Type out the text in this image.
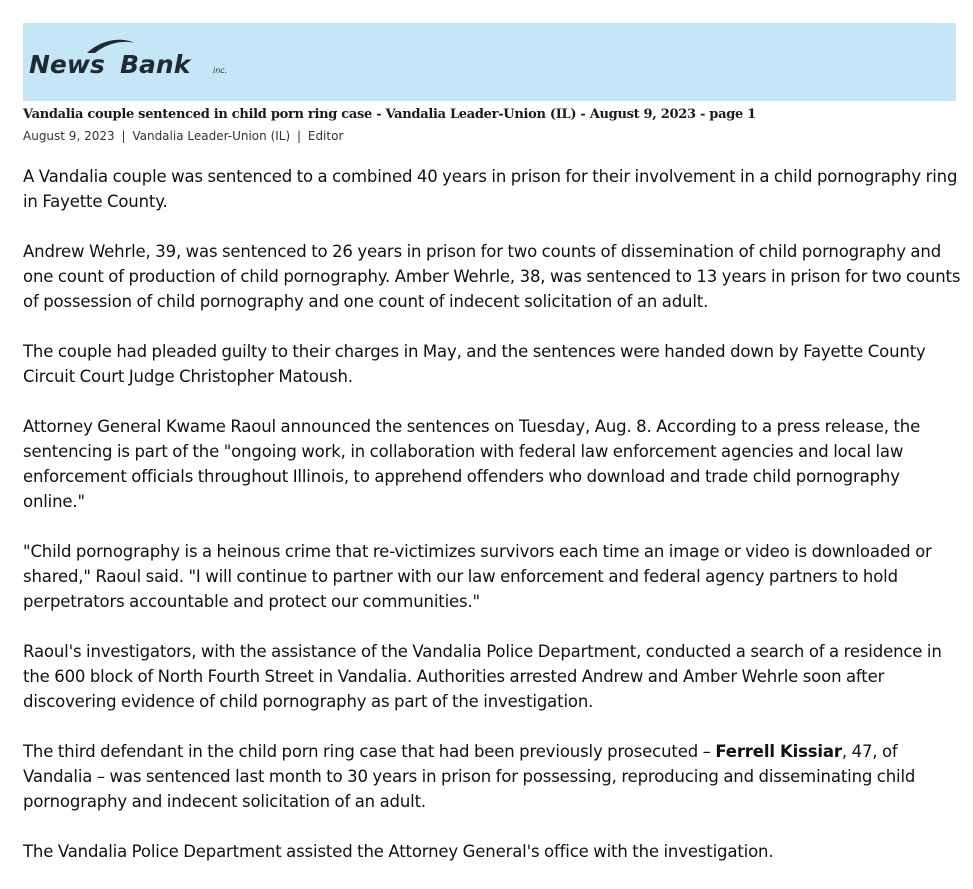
News Bank	inc.
Vandalia couple sentenced in child porn ring case - Vandalia Leader-Union (IL) - August 9, 2023 - page 1
August 9, 2023 | Vandalia Leader-Union (IL) | Editor

A Vandalia couple was sentenced to a combined 40 years in prison for their involvement in a child pornography ring in Fayette County.

Andrew Wehrle, 39, was sentenced to 26 years in prison for two counts of dissemination of child pornography and one count of production of child pornography. Amber Wehrle, 38, was sentenced to 13 years in prison for two counts of possession of child pornography and one count of indecent solicitation of an adult.

The couple had pleaded guilty to their charges in May, and the sentences were handed down by Fayette County Circuit Court Judge Christopher Matoush.

Attorney General Kwame Raoul announced the sentences on Tuesday, Aug. 8. According to a press release, the sentencing is part of the "ongoing work, in collaboration with federal law enforcement agencies and local law enforcement officials throughout Illinois, to apprehend offenders who download and trade child pornography online."

"Child pornography is a heinous crime that re-victimizes survivors each time an image or video is downloaded or shared," Raoul said. "I will continue to partner with our law enforcement and federal agency partners to hold perpetrators accountable and protect our communities."

Raoul's investigators, with the assistance of the Vandalia Police Department, conducted a search of a residence in the 600 block of North Fourth Street in Vandalia. Authorities arrested Andrew and Amber Wehrle soon after discovering evidence of child pornography as part of the investigation.

The third defendant in the child porn ring case that had been previously prosecuted – Ferrell Kissiar, 47, of Vandalia – was sentenced last month to 30 years in prison for possessing, reproducing and disseminating child pornography and indecent solicitation of an adult.

The Vandalia Police Department assisted the Attorney General's office with the investigation.
